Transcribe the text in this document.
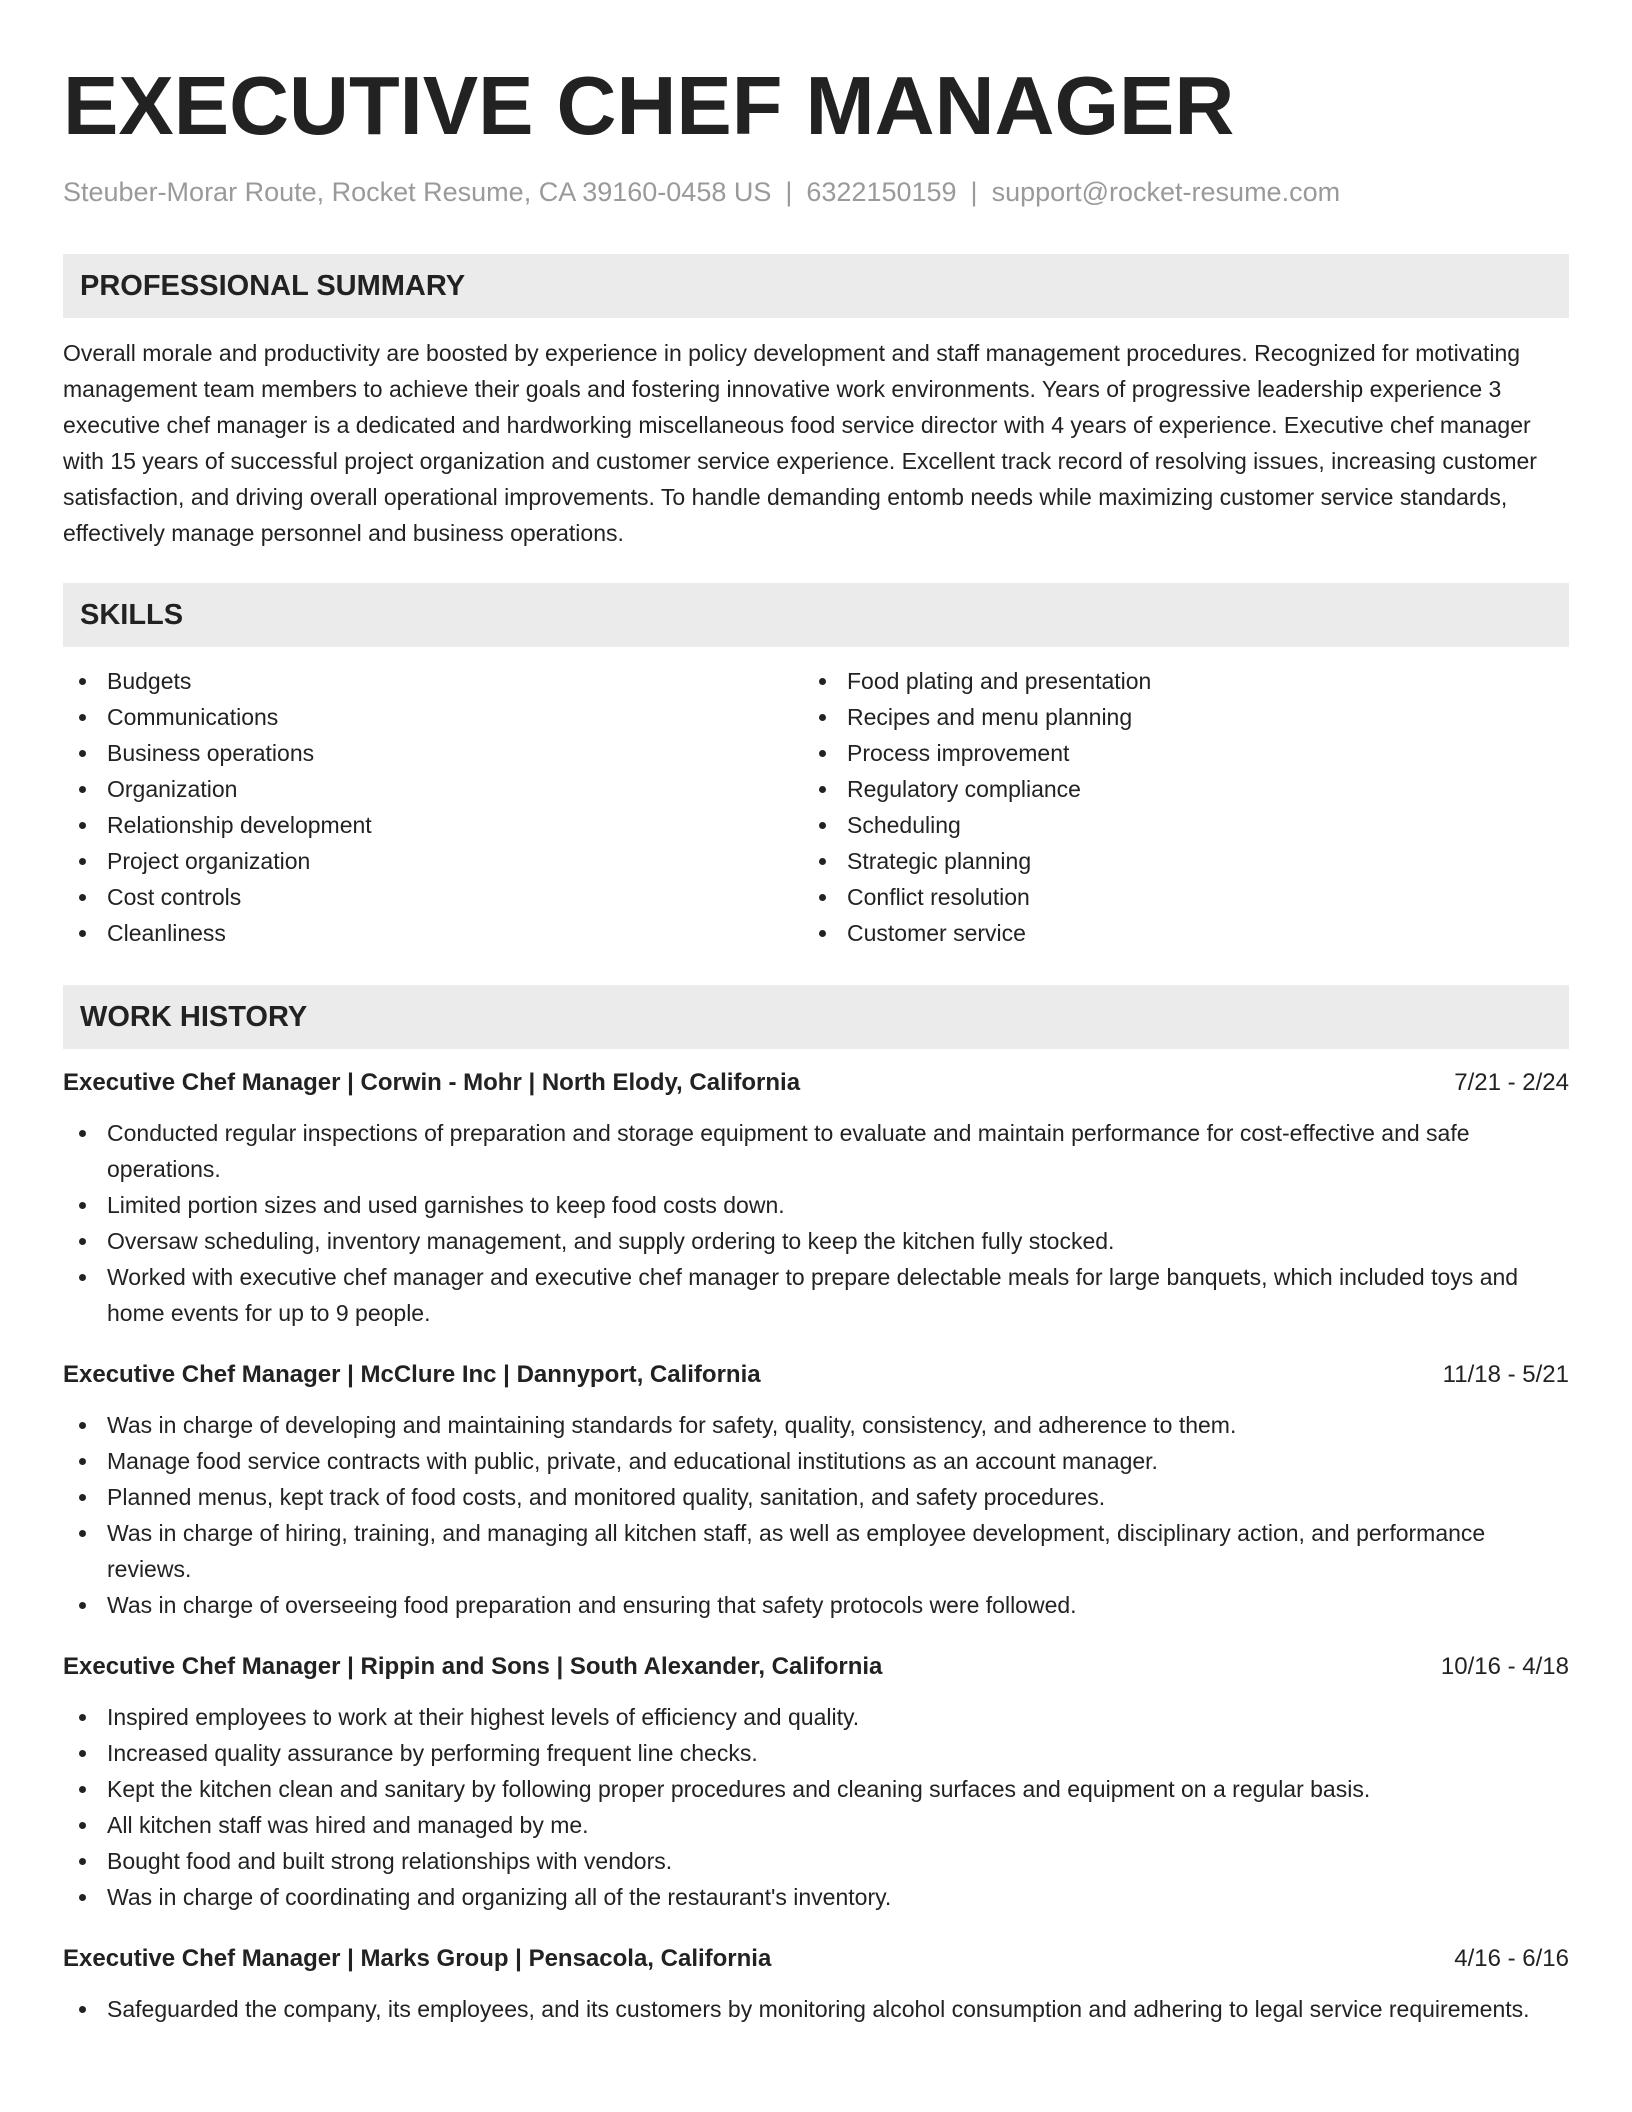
EXECUTIVE CHEF MANAGER
Steuber-Morar Route, Rocket Resume, CA 39160-0458 US | 6322150159 | support@rocket-resume.com
PROFESSIONAL SUMMARY

Overall morale and productivity are boosted by experience in policy development and staff management procedures. Recognized for motivating management team members to achieve their goals and fostering innovative work environments. Years of progressive leadership experience 3 executive chef manager is a dedicated and hardworking miscellaneous food service director with 4 years of experience. Executive chef manager with 15 years of successful project organization and customer service experience. Excellent track record of resolving issues, increasing customer satisfaction, and driving overall operational improvements. To handle demanding entomb needs while maximizing customer service standards, effectively manage personnel and business operations.

SKILLS
Budgets
Communications
Business operations
Organization
Relationship development
Project organization
Cost controls
Cleanliness
Food plating and presentation
Recipes and menu planning
Process improvement
Regulatory compliance
Scheduling
Strategic planning
Conflict resolution
Customer service
WORK HISTORY
Executive Chef Manager | Corwin - Mohr | North Elody, California	7/21 - 2/24
Conducted regular inspections of preparation and storage equipment to evaluate and maintain performance for cost-effective and safe operations.
Limited portion sizes and used garnishes to keep food costs down.
Oversaw scheduling, inventory management, and supply ordering to keep the kitchen fully stocked.
Worked with executive chef manager and executive chef manager to prepare delectable meals for large banquets, which included toys and home events for up to 9 people.
Executive Chef Manager | McClure Inc | Dannyport, California	11/18 - 5/21
Was in charge of developing and maintaining standards for safety, quality, consistency, and adherence to them.
Manage food service contracts with public, private, and educational institutions as an account manager.
Planned menus, kept track of food costs, and monitored quality, sanitation, and safety procedures.
Was in charge of hiring, training, and managing all kitchen staff, as well as employee development, disciplinary action, and performance reviews.
Was in charge of overseeing food preparation and ensuring that safety protocols were followed.
Executive Chef Manager | Rippin and Sons | South Alexander, California	10/16 - 4/18
Inspired employees to work at their highest levels of efficiency and quality.
Increased quality assurance by performing frequent line checks.
Kept the kitchen clean and sanitary by following proper procedures and cleaning surfaces and equipment on a regular basis.
All kitchen staff was hired and managed by me.
Bought food and built strong relationships with vendors.
Was in charge of coordinating and organizing all of the restaurant's inventory.
Executive Chef Manager | Marks Group | Pensacola, California	4/16 - 6/16
Safeguarded the company, its employees, and its customers by monitoring alcohol consumption and adhering to legal service requirements.
